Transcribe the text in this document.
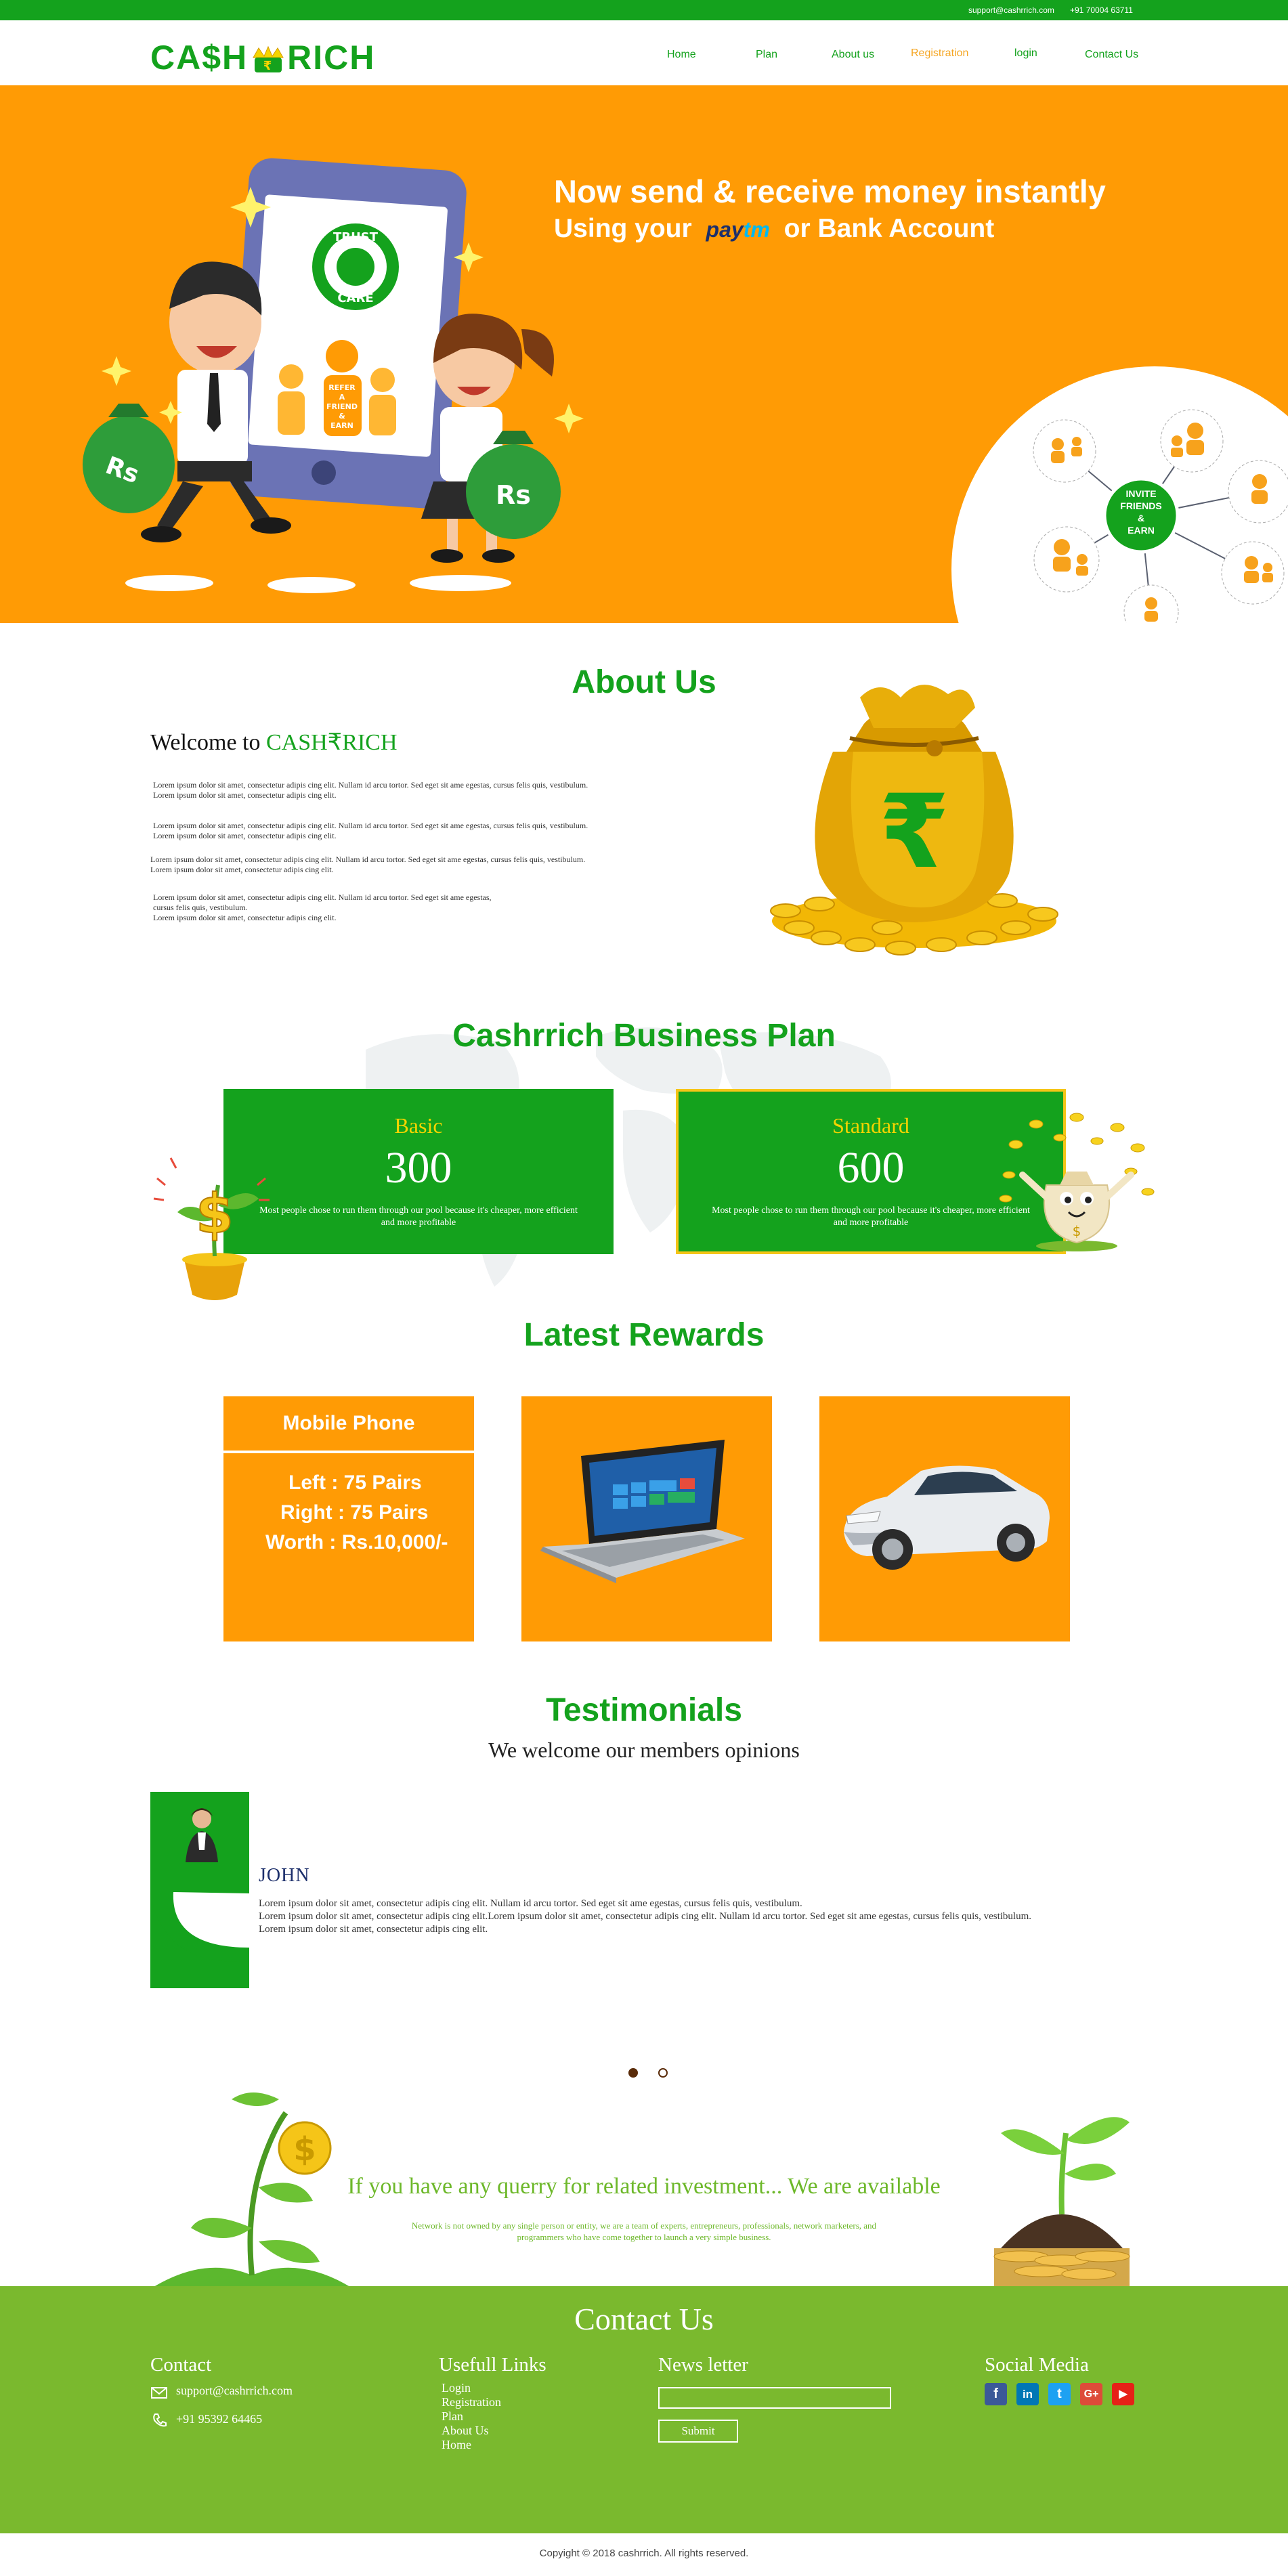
support@cashrrich.com +91 70004 63711
CA$H ₹ RICH	Home	Plan	About us	Registration	login	Contact Us
TRUST
CARE
REFER
A
FRIEND
&
EARN
Rs
Rs	INVITE
FRIENDS
&
EARN
Now send & receive money instantly
Using your paytm or Bank Account
About Us
Welcome to CASH₹RICH
Lorem ipsum dolor sit amet, consectetur adipis cing elit. Nullam id arcu tortor. Sed eget sit ame egestas, cursus felis quis, vestibulum.
Lorem ipsum dolor sit amet, consectetur adipis cing elit.
Lorem ipsum dolor sit amet, consectetur adipis cing elit. Nullam id arcu tortor. Sed eget sit ame egestas, cursus felis quis, vestibulum.
Lorem ipsum dolor sit amet, consectetur adipis cing elit.
Lorem ipsum dolor sit amet, consectetur adipis cing elit. Nullam id arcu tortor. Sed eget sit ame egestas, cursus felis quis, vestibulum.
Lorem ipsum dolor sit amet, consectetur adipis cing elit.
Lorem ipsum dolor sit amet, consectetur adipis cing elit. Nullam id arcu tortor. Sed eget sit ame egestas,
cursus felis quis, vestibulum.
Lorem ipsum dolor sit amet, consectetur adipis cing elit.
₹
Cashrrich Business Plan
Basic
300
Most people chose to run them through our pool because it's cheaper, more efficient and more profitable
Standard
600
Most people chose to run them through our pool because it's cheaper, more efficient and more profitable
$	$
Latest Rewards
Mobile Phone
Left : 75 Pairs
Right : 75 Pairs
Worth : Rs.10,000/-
Testimonials
We welcome our members opinions
JOHN
Lorem ipsum dolor sit amet, consectetur adipis cing elit. Nullam id arcu tortor. Sed eget sit ame egestas, cursus felis quis, vestibulum.
Lorem ipsum dolor sit amet, consectetur adipis cing elit.Lorem ipsum dolor sit amet, consectetur adipis cing elit. Nullam id arcu tortor. Sed eget sit ame egestas, cursus felis quis, vestibulum.
Lorem ipsum dolor sit amet, consectetur adipis cing elit.
$
If you have any querry for related investment... We are available
Network is not owned by any single person or entity, we are a team of experts, entrepreneurs, professionals, network marketers, and programmers who have come together to launch a very simple business.
Contact Us
Contact
support@cashrrich.com
+91 95392 64465
Usefull Links
Login
Registration
Plan
About Us
Home
News letter
Submit
Social Media
f	in	t	G+	▶
Copyight © 2018 cashrrich. All rights reserved.
